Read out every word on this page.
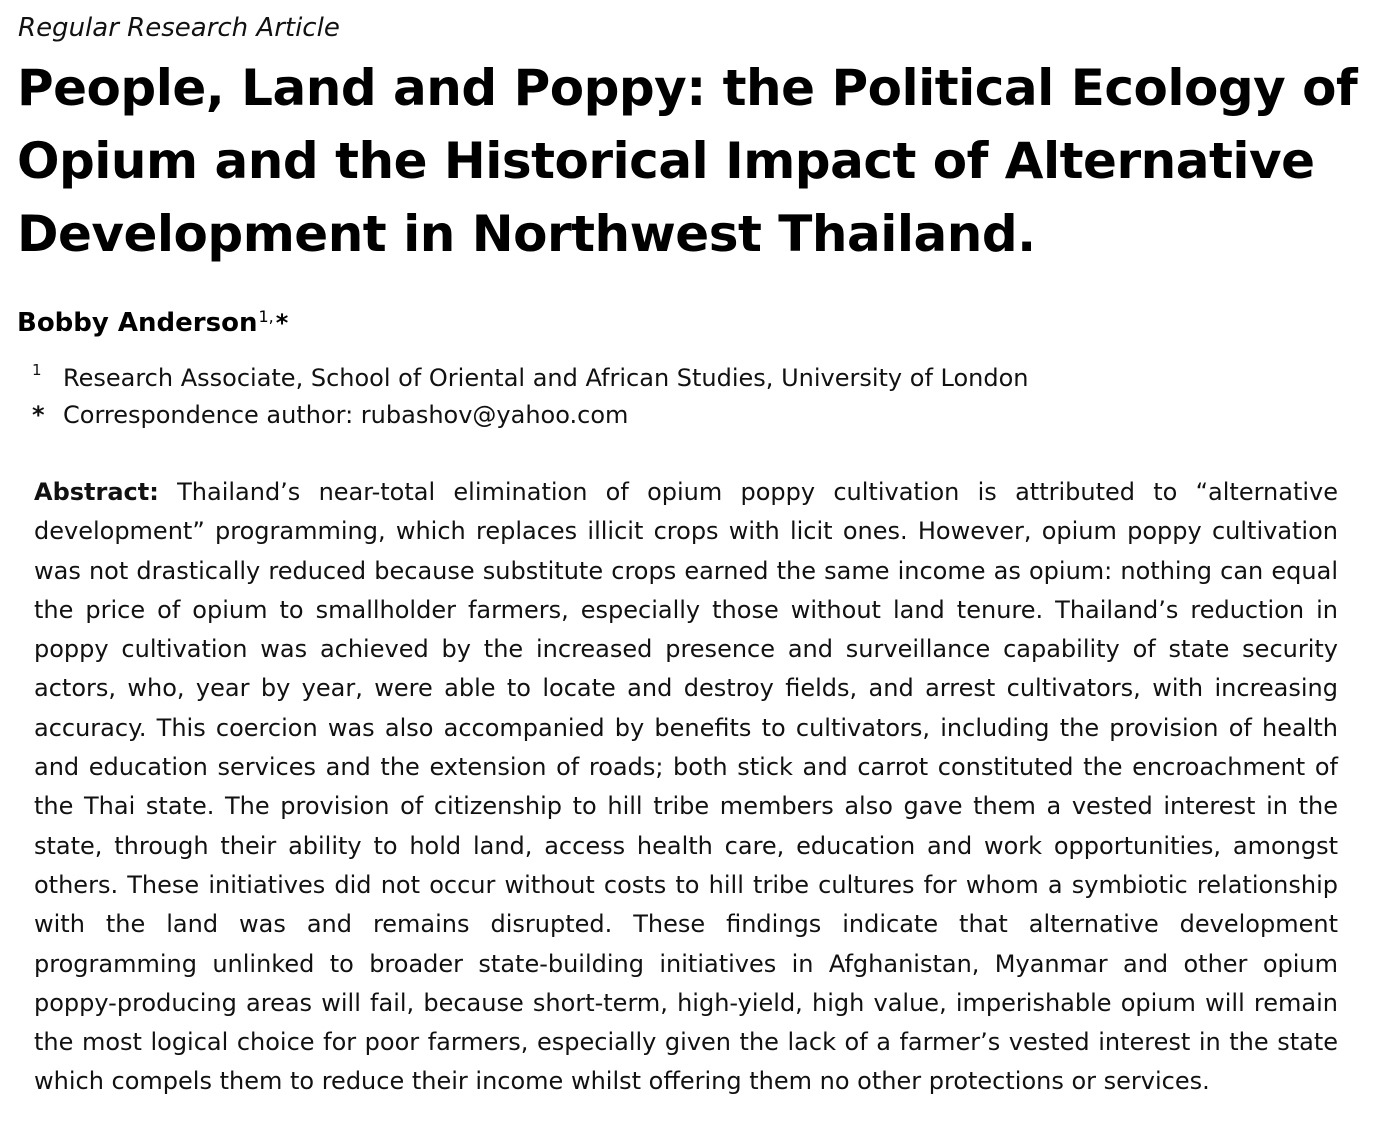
Regular Research Article
People, Land and Poppy: the Political Ecology of
Opium and the Historical Impact of Alternative
Development in Northwest Thailand.
Bobby Anderson$^{1,}$*
1 Research Associate, School of Oriental and African Studies, University of London
* Correspondence author: rubashov@yahoo.com

Abstract: Thailand’s near-total elimination of opium poppy cultivation is attributed to “alternative development” programming, which replaces illicit crops with licit ones. However, opium poppy cultivation was not drastically reduced because substitute crops earned the same income as opium: nothing can equal the price of opium to smallholder farmers, especially those without land tenure. Thailand’s reduction in poppy cultivation was achieved by the increased presence and surveillance capability of state security actors, who, year by year, were able to locate and destroy fields, and arrest cultivators, with increasing accuracy. This coercion was also accompanied by benefits to cultivators, including the provision of health and education services and the extension of roads; both stick and carrot constituted the encroachment of the Thai state. The provision of citizenship to hill tribe members also gave them a vested interest in the state, through their ability to hold land, access health care, education and work opportunities, amongst others. These initiatives did not occur without costs to hill tribe cultures for whom a symbiotic relationship with the land was and remains disrupted. These findings indicate that alternative development programming unlinked to broader state-building initiatives in Afghanistan, Myanmar and other opium poppy-producing areas will fail, because short-term, high-yield, high value, imperishable opium will remain the most logical choice for poor farmers, especially given the lack of a farmer’s vested interest in the state which compels them to reduce their income whilst offering them no other protections or services.
